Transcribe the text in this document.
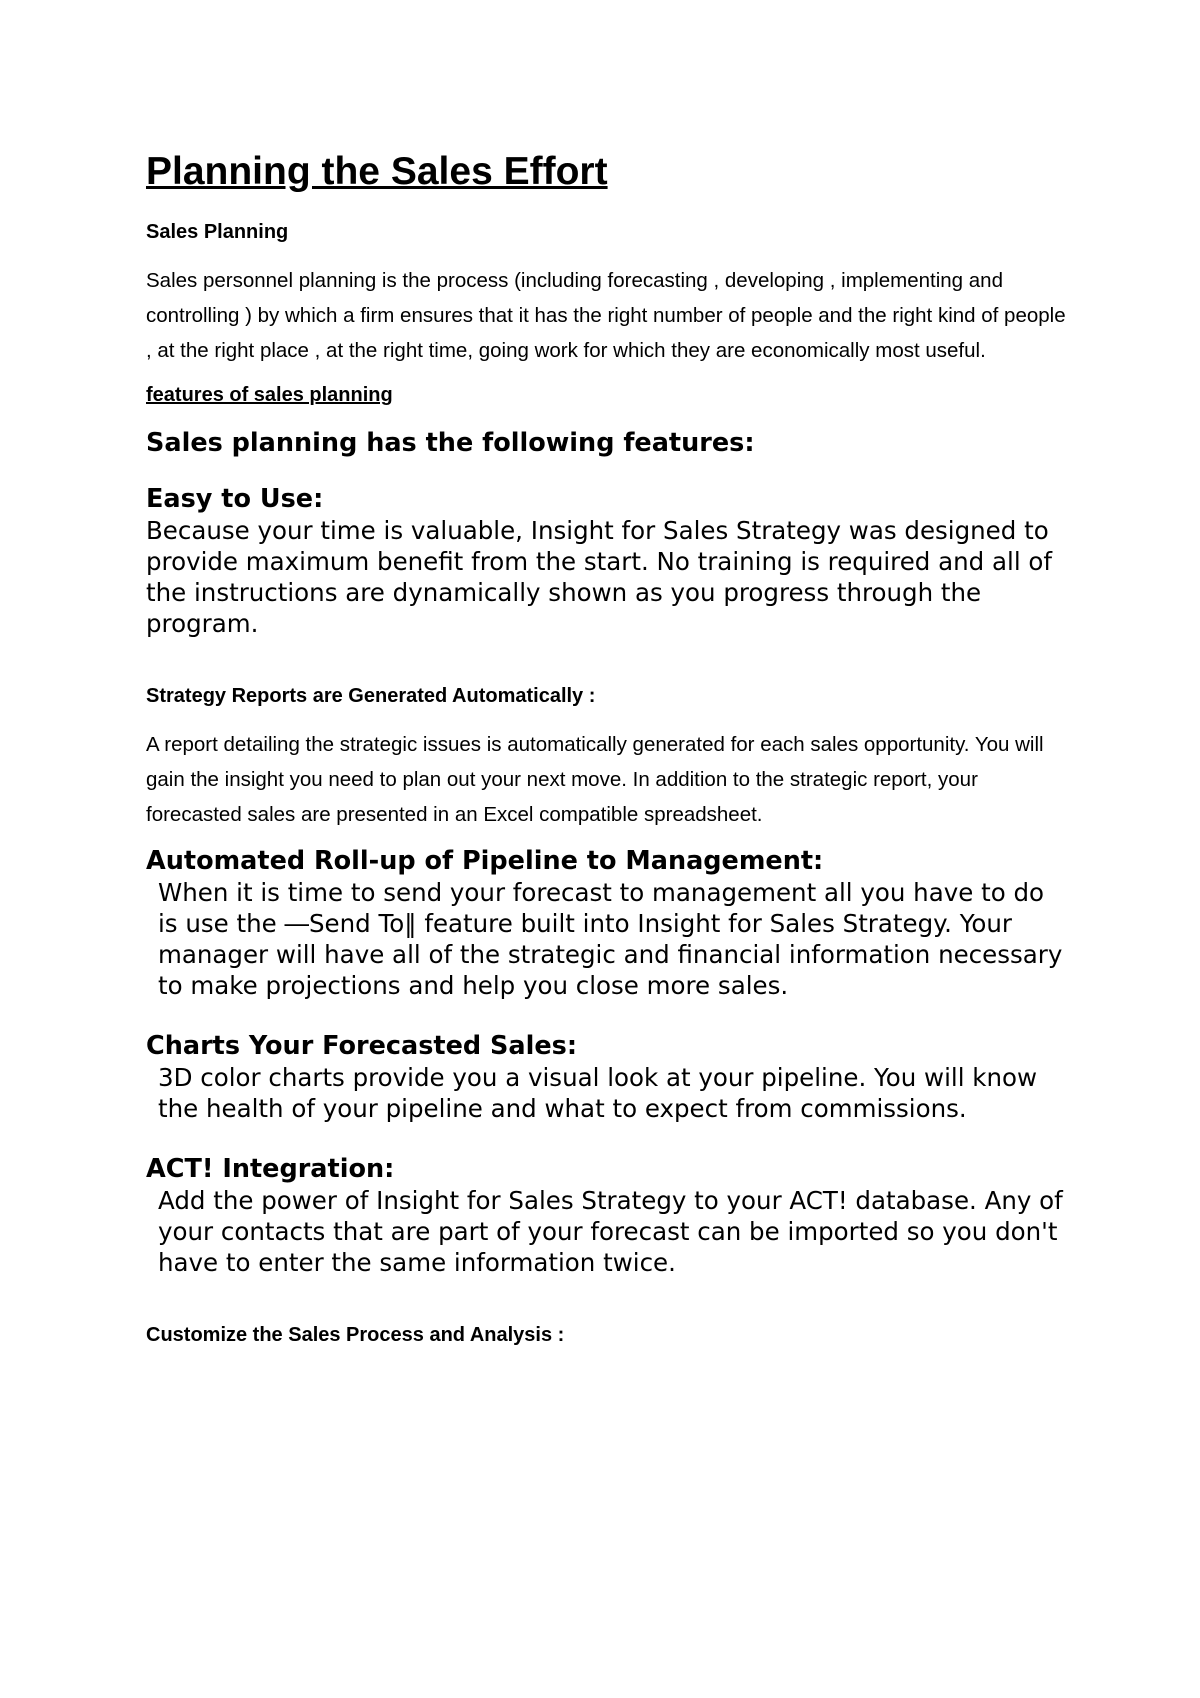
Planning the Sales Effort
Sales Planning
Sales personnel planning is the process (including forecasting , developing , implementing and controlling ) by which a firm ensures that it has the right number of people and the right kind of people , at the right place , at the right time, going work for which they are economically most useful.
features of sales planning
Sales planning has the following features:
Easy to Use:
Because your time is valuable, Insight for Sales Strategy was designed to provide maximum benefit from the start. No training is required and all of the instructions are dynamically shown as you progress through the program.
Strategy Reports are Generated Automatically :
A report detailing the strategic issues is automatically generated for each sales opportunity. You will gain the insight you need to plan out your next move. In addition to the strategic report, your forecasted sales are presented in an Excel compatible spreadsheet.
Automated Roll-up of Pipeline to Management:
When it is time to send your forecast to management all you have to do is use the ―Send To‖ feature built into Insight for Sales Strategy. Your manager will have all of the strategic and financial information necessary to make projections and help you close more sales.
Charts Your Forecasted Sales:
3D color charts provide you a visual look at your pipeline. You will know the health of your pipeline and what to expect from commissions.
ACT! Integration:
Add the power of Insight for Sales Strategy to your ACT! database. Any of your contacts that are part of your forecast can be imported so you don't have to enter the same information twice.
Customize the Sales Process and Analysis :
